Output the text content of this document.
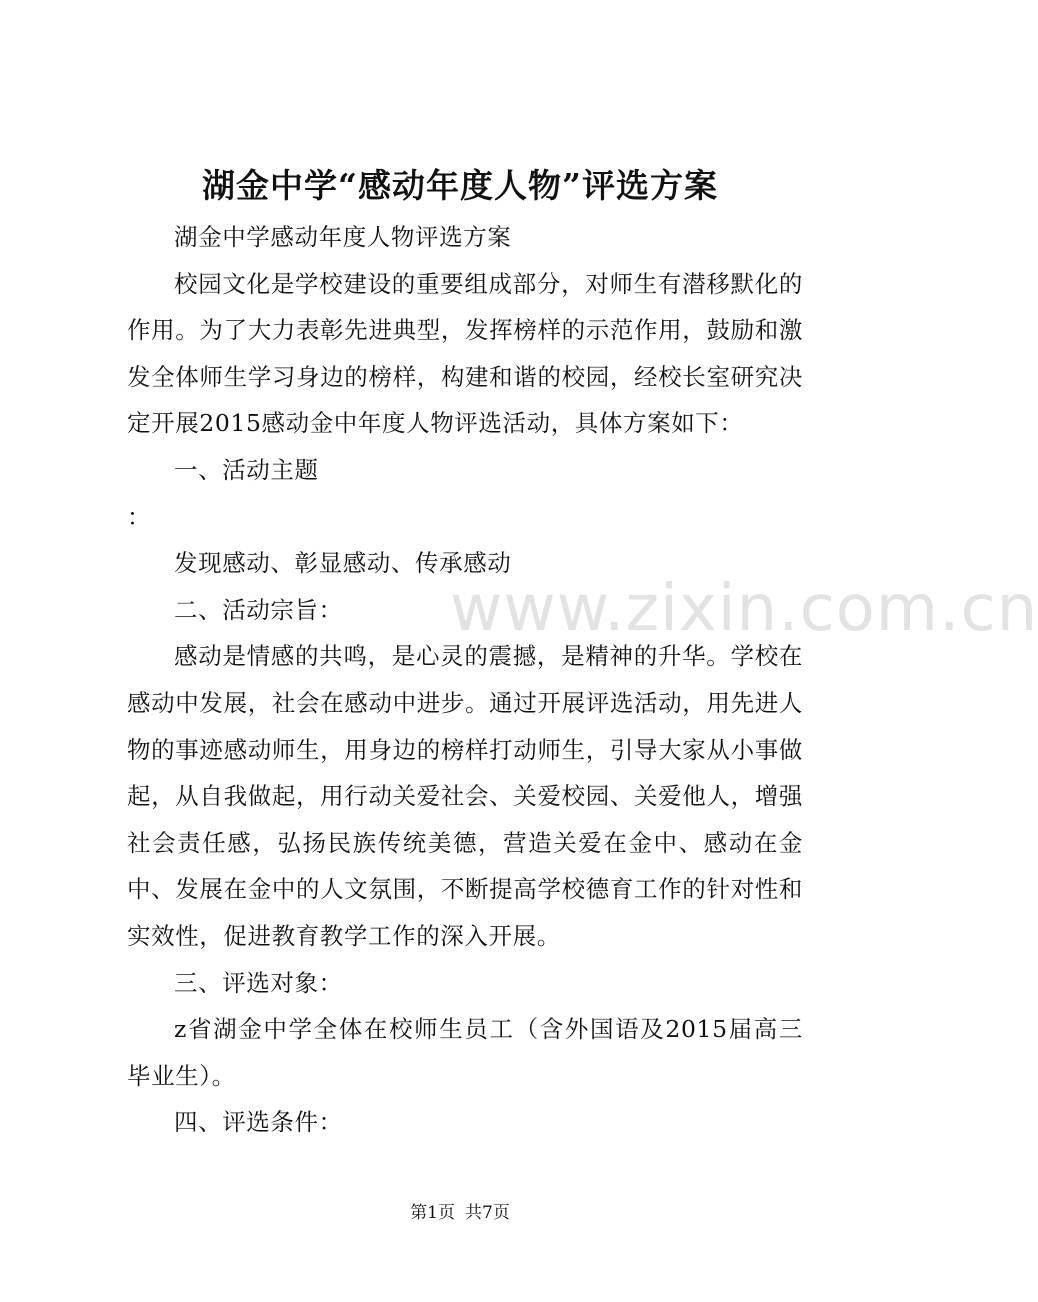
www.zixin.com.cn
湖金中学“感动年度人物”评选方案

湖金中学感动年度人物评选方案

校园文化是学校建设的重要组成部分，对师生有潜移默化的作用。为了大力表彰先进典型，发挥榜样的示范作用，鼓励和激发全体师生学习身边的榜样，构建和谐的校园，经校长室研究决定开展2015感动金中年度人物评选活动，具体方案如下：

一、活动主题

：

发现感动、彰显感动、传承感动

二、活动宗旨：

感动是情感的共鸣，是心灵的震撼，是精神的升华。学校在感动中发展，社会在感动中进步。通过开展评选活动，用先进人物的事迹感动师生，用身边的榜样打动师生，引导大家从小事做起，从自我做起，用行动关爱社会、关爱校园、关爱他人，增强社会责任感，弘扬民族传统美德，营造关爱在金中、感动在金中、发展在金中的人文氛围，不断提高学校德育工作的针对性和实效性，促进教育教学工作的深入开展。

三、评选对象：

z省湖金中学全体在校师生员工（含外国语及2015届高三毕业生）。

四、评选条件：

第1页 共7页
